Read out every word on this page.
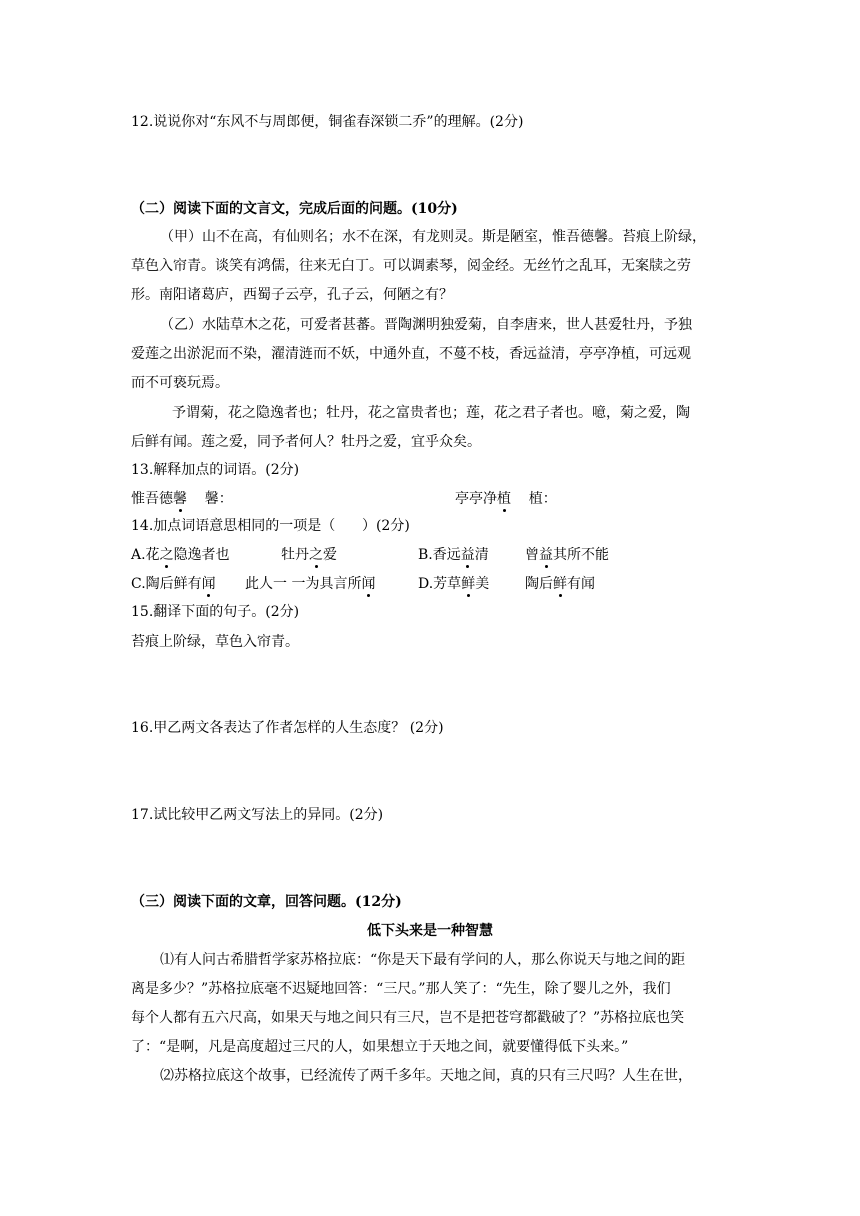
12.说说你对“东风不与周郎便，铜雀春深锁二乔”的理解。(2分)
（二）阅读下面的文言文，完成后面的问题。(10分)
（甲）山不在高，有仙则名；水不在深，有龙则灵。斯是陋室，惟吾德馨。苔痕上阶绿，
草色入帘青。谈笑有鸿儒，往来无白丁。可以调素琴，阅金经。无丝竹之乱耳，无案牍之劳
形。南阳诸葛庐，西蜀子云亭，孔子云，何陋之有？
（乙）水陆草木之花，可爱者甚蕃。晋陶渊明独爱菊，自李唐来，世人甚爱牡丹，予独
爱莲之出淤泥而不染，濯清涟而不妖，中通外直，不蔓不枝，香远益清，亭亭净植，可远观
而不可亵玩焉。
予谓菊，花之隐逸者也；牡丹，花之富贵者也；莲，花之君子者也。噫，菊之爱，陶
后鲜有闻。莲之爱，同予者何人？牡丹之爱，宜乎众矣。
13.解释加点的词语。(2分)
惟吾德馨    馨：	亭亭净植    植：
14.加点词语意思相同的一项是（      ）(2分)
A.花之隐逸者也	牡丹之爱	B.香远益清	曾益其所不能
C.陶后鲜有闻 此人一 一为具言所闻	D.芳草鲜美	陶后鲜有闻
15.翻译下面的句子。(2分)
苔痕上阶绿，草色入帘青。
16.甲乙两文各表达了作者怎样的人生态度？ (2分)
17.试比较甲乙两文写法上的异同。(2分)
（三）阅读下面的文章，回答问题。(12分)
低下头来是一种智慧
⑴有人问古希腊哲学家苏格拉底：“你是天下最有学问的人，那么你说天与地之间的距
离是多少？”苏格拉底毫不迟疑地回答：“三尺。”那人笑了：“先生，除了婴儿之外，我们
每个人都有五六尺高，如果天与地之间只有三尺，岂不是把苍穹都戳破了？”苏格拉底也笑
了：“是啊，凡是高度超过三尺的人，如果想立于天地之间，就要懂得低下头来。”
⑵苏格拉底这个故事，已经流传了两千多年。天地之间，真的只有三尺吗？人生在世，
